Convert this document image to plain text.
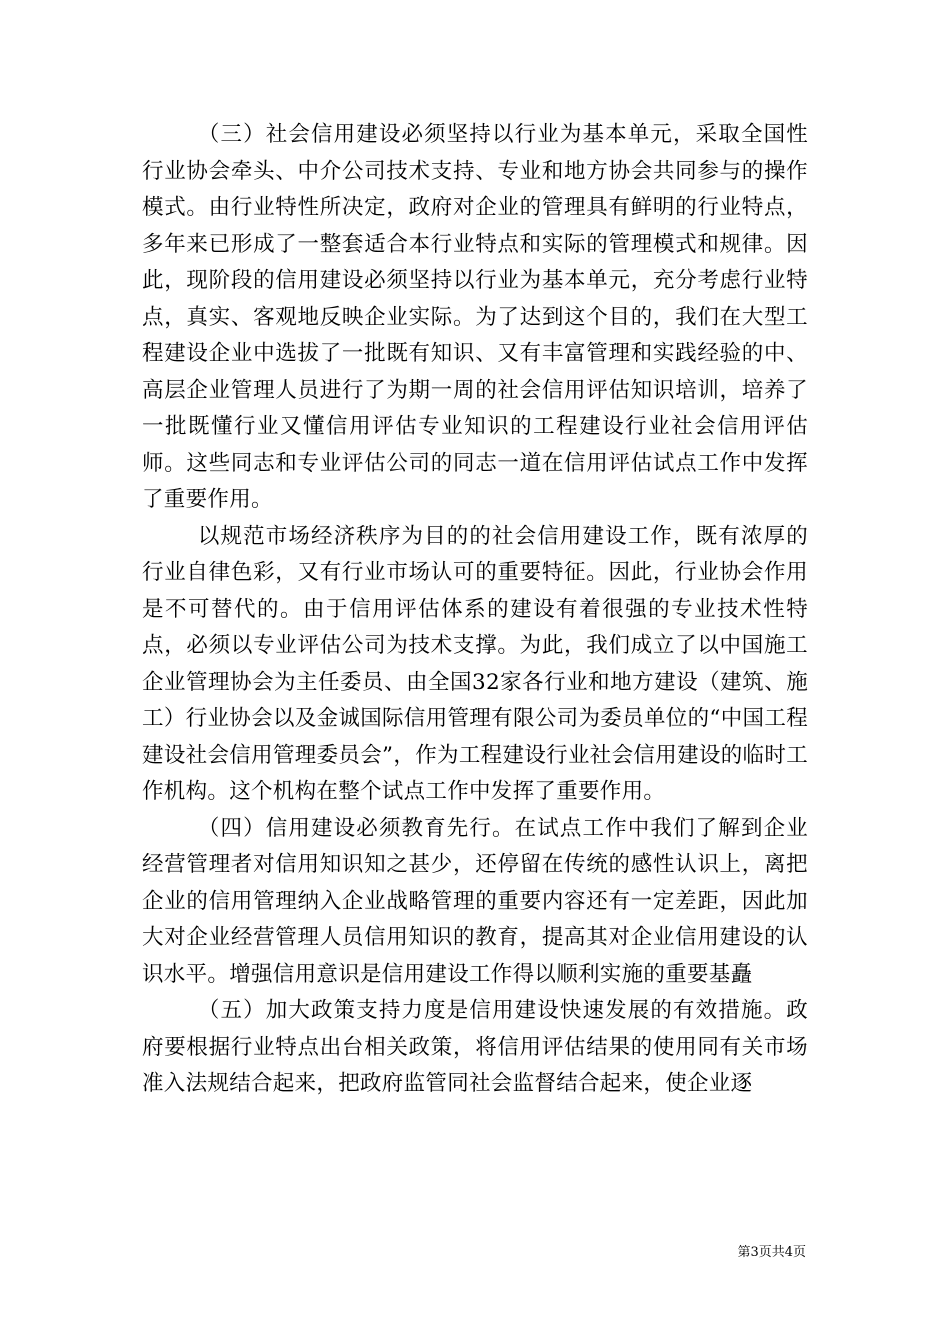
（三）社会信用建设必须坚持以行业为基本单元，采取全国性行业协会牵头、中介公司技术支持、专业和地方协会共同参与的操作模式。由行业特性所决定，政府对企业的管理具有鲜明的行业特点，多年来已形成了一整套适合本行业特点和实际的管理模式和规律。因此，现阶段的信用建设必须坚持以行业为基本单元，充分考虑行业特点，真实、客观地反映企业实际。为了达到这个目的，我们在大型工程建设企业中选拔了一批既有知识、又有丰富管理和实践经验的中、高层企业管理人员进行了为期一周的社会信用评估知识培训，培养了一批既懂行业又懂信用评估专业知识的工程建设行业社会信用评估师。这些同志和专业评估公司的同志一道在信用评估试点工作中发挥了重要作用。

以规范市场经济秩序为目的的社会信用建设工作，既有浓厚的行业自律色彩，又有行业市场认可的重要特征。因此，行业协会作用是不可替代的。由于信用评估体系的建设有着很强的专业技术性特点，必须以专业评估公司为技术支撑。为此，我们成立了以中国施工企业管理协会为主任委员、由全国32家各行业和地方建设（建筑、施工）行业协会以及金诚国际信用管理有限公司为委员单位的“中国工程建设社会信用管理委员会”，作为工程建设行业社会信用建设的临时工作机构。这个机构在整个试点工作中发挥了重要作用。

（四）信用建设必须教育先行。在试点工作中我们了解到企业经营管理者对信用知识知之甚少，还停留在传统的感性认识上，离把企业的信用管理纳入企业战略管理的重要内容还有一定差距，因此加大对企业经营管理人员信用知识的教育，提高其对企业信用建设的认识水平。增强信用意识是信用建设工作得以顺利实施的重要基矗

（五）加大政策支持力度是信用建设快速发展的有效措施。政府要根据行业特点出台相关政策，将信用评估结果的使用同有关市场准入法规结合起来，把政府监管同社会监督结合起来，使企业逐

第3页共4页
